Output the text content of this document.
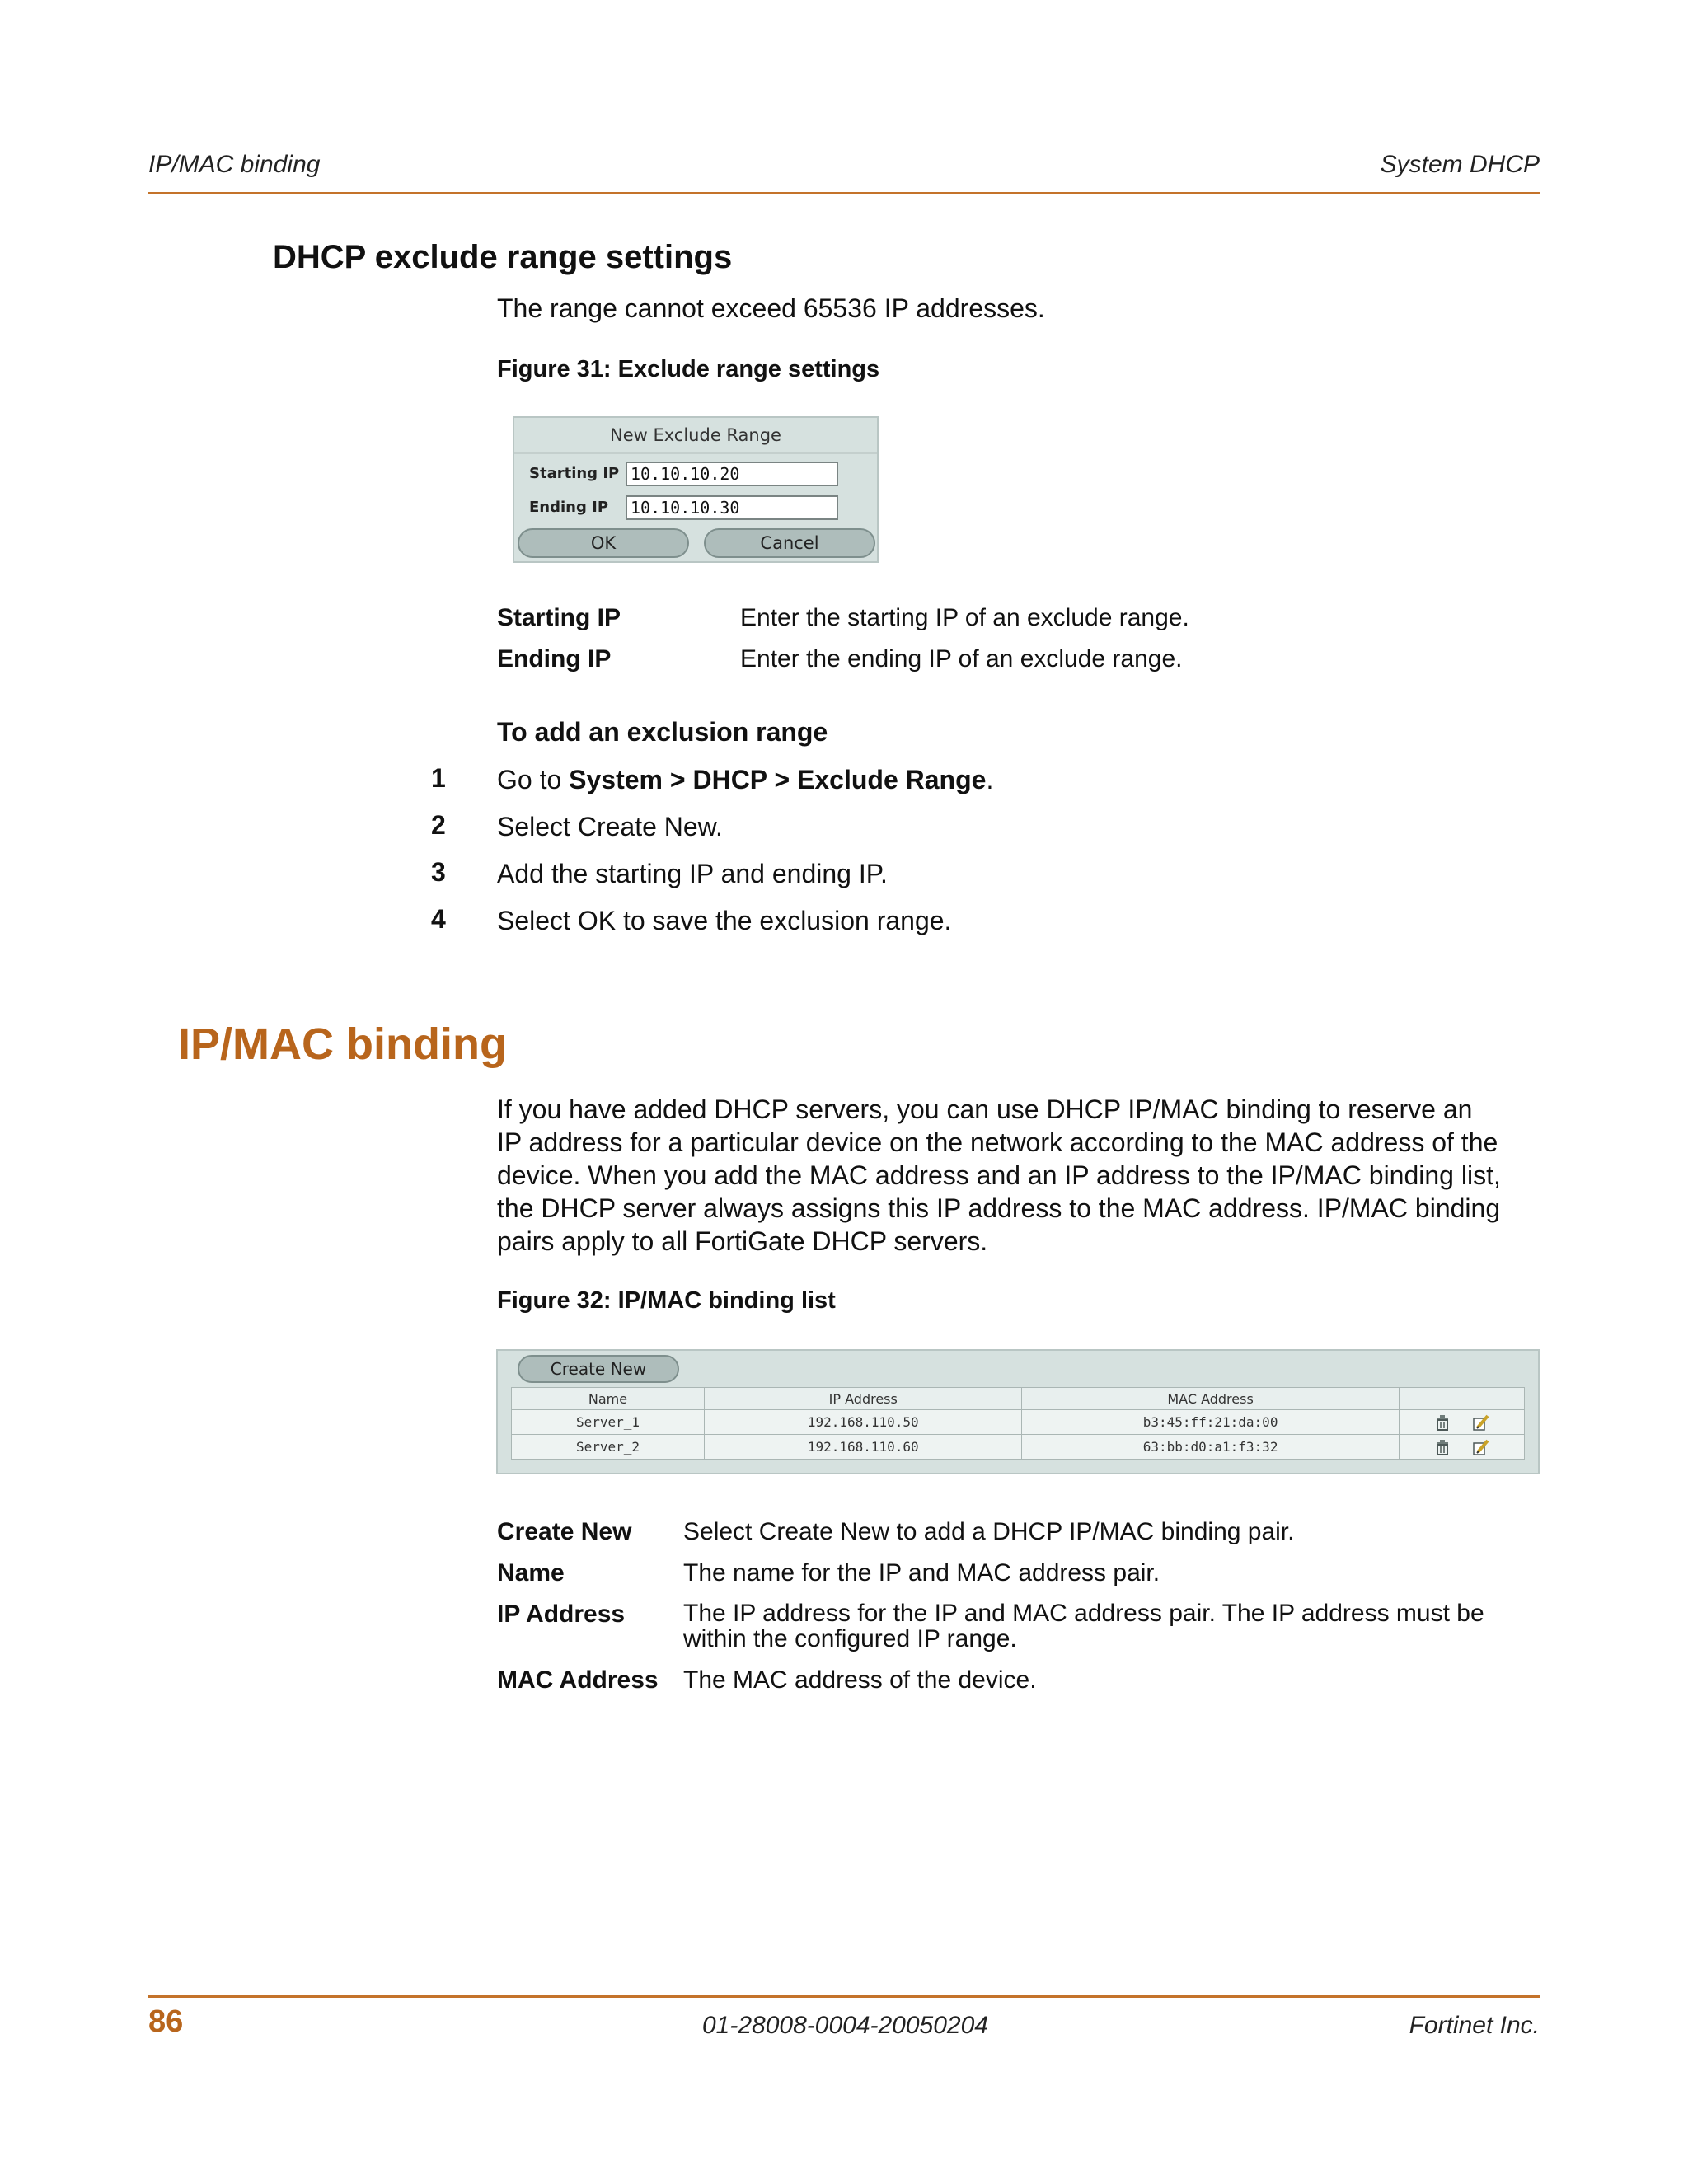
IP/MAC binding	System DHCP
DHCP exclude range settings
The range cannot exceed 65536 IP addresses.
Figure 31: Exclude range settings
New Exclude Range
Starting IP 10.10.10.20
Ending IP	10.10.10.30
OK	Cancel
Starting IP	Enter the starting IP of an exclude range.
Ending IP	Enter the ending IP of an exclude range.
To add an exclusion range
1 Go to System > DHCP > Exclude Range.
2 Select Create New.
3 Add the starting IP and ending IP.
4 Select OK to save the exclusion range.
IP/MAC binding
If you have added DHCP servers, you can use DHCP IP/MAC binding to reserve an
IP address for a particular device on the network according to the MAC address of the
device. When you add the MAC address and an IP address to the IP/MAC binding list,
the DHCP server always assigns this IP address to the MAC address. IP/MAC binding
pairs apply to all FortiGate DHCP servers.
Figure 32: IP/MAC binding list
Create New
Name	IP Address	MAC Address	
Server_1	192.168.110.50	b3:45:ff:21:da:00	
Server_2	192.168.110.60	63:bb:d0:a1:f3:32	
Create New Select Create New to add a DHCP IP/MAC binding pair.
Name	The name for the IP and MAC address pair.
IP Address The IP address for the IP and MAC address pair. The IP address must be
within the configured IP range.
MAC Address The MAC address of the device.
86	01-28008-0004-20050204	Fortinet Inc.
